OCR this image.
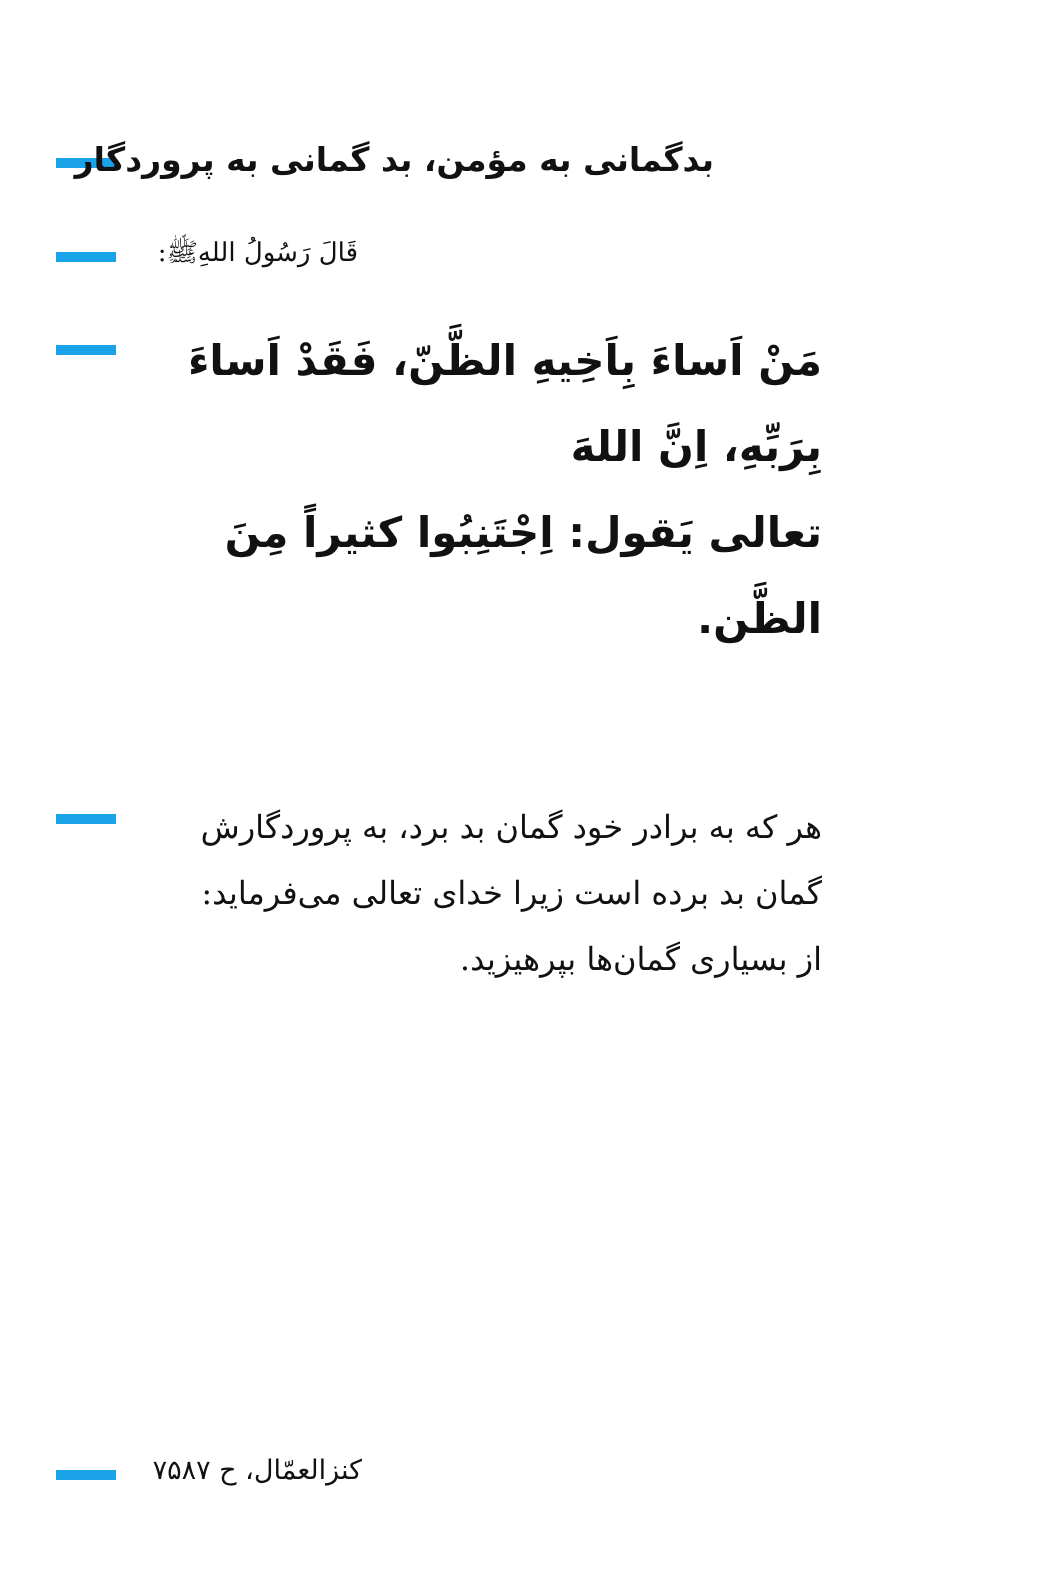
بدگمانی به مؤمن، بد گمانی به پروردگار
قَالَ رَسُولُ اللهِﷺ:
مَنْ اَساءَ بِاَخِيهِ الظَّنّ، فَقَدْ اَساءَ بِرَبِّهِ، اِنَّ اللهَ
تعالى يَقول: اِجْتَنِبُوا كثيراً مِنَ الظَّن.
هر که به برادر خود گمان بد برد، به پروردگارش
گمان بد برده است زيرا خدای تعالی می‌فرمايد:
از بسياری گمان‌ها بپرهيزيد.
كنزالعمّال، ح ۷۵۸۷
